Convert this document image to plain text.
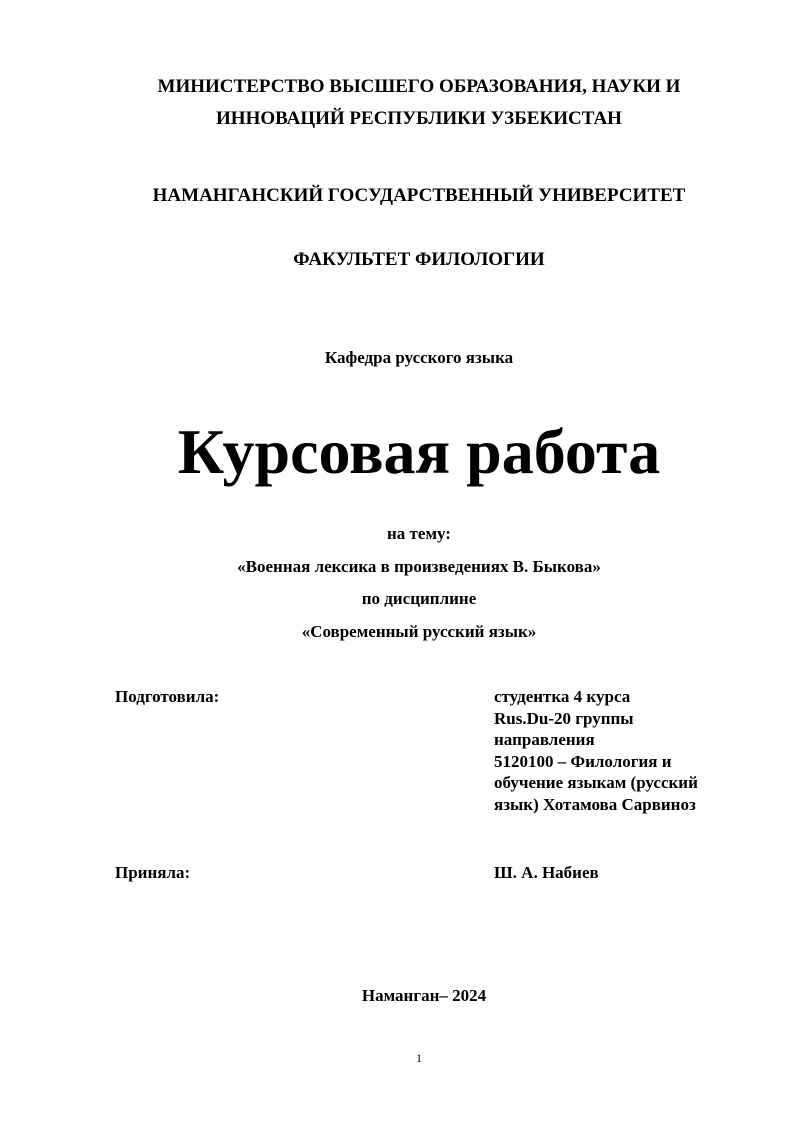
МИНИСТЕРСТВО ВЫСШЕГО ОБРАЗОВАНИЯ, НАУКИ И
ИННОВАЦИЙ РЕСПУБЛИКИ УЗБЕКИСТАН
НАМАНГАНСКИЙ ГОСУДАРСТВЕННЫЙ УНИВЕРСИТЕТ
ФАКУЛЬТЕТ ФИЛОЛОГИИ
Кафедра русского языка
Курсовая работа
на тему:
«Военная лексика в произведениях В. Быкова»
по дисциплине
«Современный русский язык»
Подготовила:	студентка 4 курса
Rus.Du-20 группы
направления
5120100 – Филология и
обучение языкам (русский
язык) Хотамова Сарвиноз
Приняла:	Ш. А. Набиев
Наманган– 2024
1
